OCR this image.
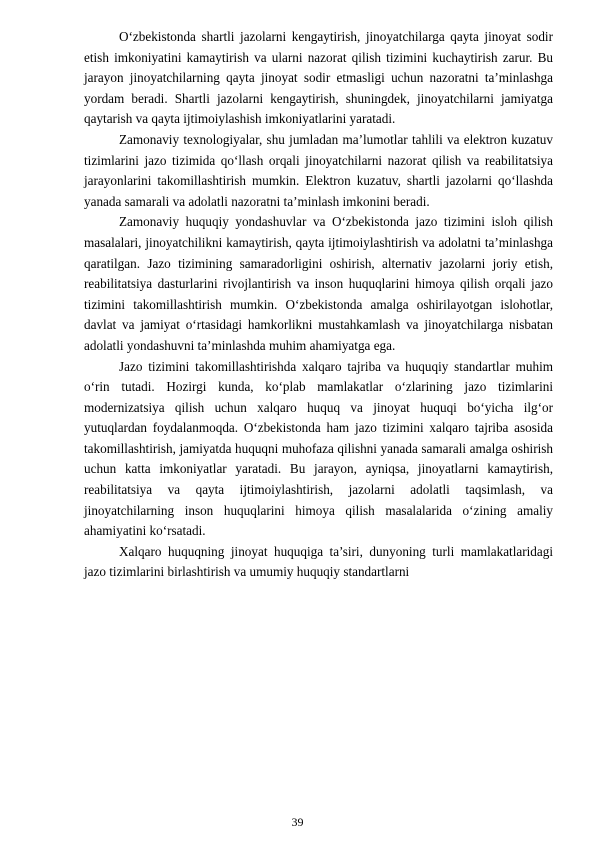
O‘zbekistonda shartli jazolarni kengaytirish, jinoyatchilarga qayta jinoyat sodir etish imkoniyatini kamaytirish va ularni nazorat qilish tizimini kuchaytirish zarur. Bu jarayon jinoyatchilarning qayta jinoyat sodir etmasligi uchun nazoratni ta’minlashga yordam beradi. Shartli jazolarni kengaytirish, shuningdek, jinoyatchilarni jamiyatga qaytarish va qayta ijtimoiylashish imkoniyatlarini yaratadi.

Zamonaviy texnologiyalar, shu jumladan ma’lumotlar tahlili va elektron kuzatuv tizimlarini jazo tizimida qo‘llash orqali jinoyatchilarni nazorat qilish va reabilitatsiya jarayonlarini takomillashtirish mumkin. Elektron kuzatuv, shartli jazolarni qo‘llashda yanada samarali va adolatli nazoratni ta’minlash imkonini beradi.

Zamonaviy huquqiy yondashuvlar va O‘zbekistonda jazo tizimini isloh qilish masalalari, jinoyatchilikni kamaytirish, qayta ijtimoiylashtirish va adolatni ta’minlashga qaratilgan. Jazo tizimining samaradorligini oshirish, alternativ jazolarni joriy etish, reabilitatsiya dasturlarini rivojlantirish va inson huquqlarini himoya qilish orqali jazo tizimini takomillashtirish mumkin. O‘zbekistonda amalga oshirilayotgan islohotlar, davlat va jamiyat o‘rtasidagi hamkorlikni mustahkamlash va jinoyatchilarga nisbatan adolatli yondashuvni ta’minlashda muhim ahamiyatga ega.

Jazo tizimini takomillashtirishda xalqaro tajriba va huquqiy standartlar muhim o‘rin tutadi. Hozirgi kunda, ko‘plab mamlakatlar o‘zlarining jazo tizimlarini modernizatsiya qilish uchun xalqaro huquq va jinoyat huquqi bo‘yicha ilg‘or yutuqlardan foydalanmoqda. O‘zbekistonda ham jazo tizimini xalqaro tajriba asosida takomillashtirish, jamiyatda huquqni muhofaza qilishni yanada samarali amalga oshirish uchun katta imkoniyatlar yaratadi. Bu jarayon, ayniqsa, jinoyatlarni kamaytirish, reabilitatsiya va qayta ijtimoiylashtirish, jazolarni adolatli taqsimlash, va jinoyatchilarning inson huquqlarini himoya qilish masalalarida o‘zining amaliy ahamiyatini ko‘rsatadi.

Xalqaro huquqning jinoyat huquqiga ta’siri, dunyoning turli mamlakatlaridagi jazo tizimlarini birlashtirish va umumiy huquqiy standartlarni

39
